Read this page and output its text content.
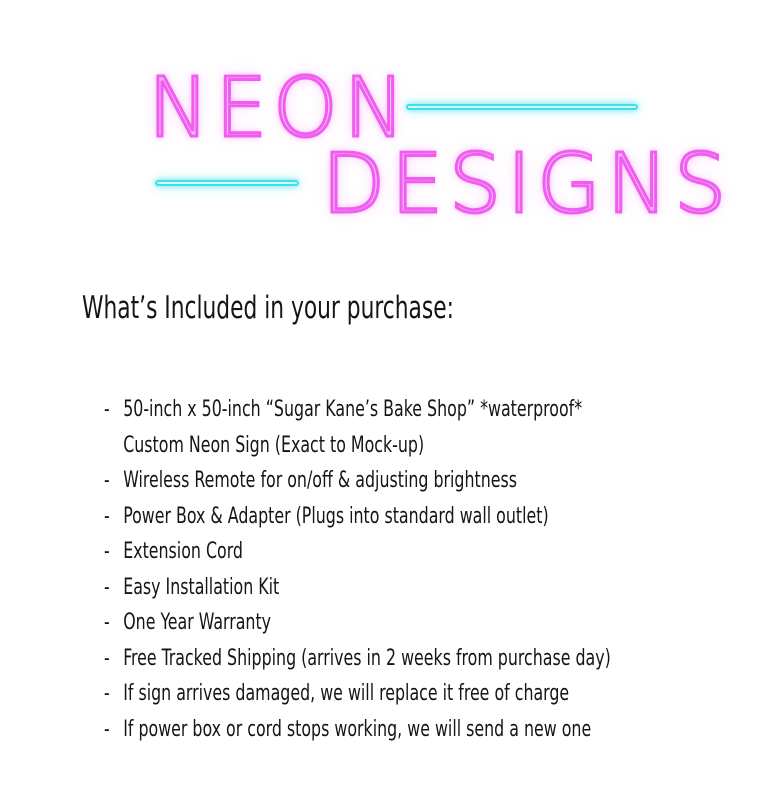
NEON
DESIGNS
What’s Included in your purchase:
- 50-inch x 50-inch “Sugar Kane’s Bake Shop” *waterproof*
Custom Neon Sign (Exact to Mock-up)
- Wireless Remote for on/off & adjusting brightness
- Power Box & Adapter (Plugs into standard wall outlet)
- Extension Cord
- Easy Installation Kit
- One Year Warranty
- Free Tracked Shipping (arrives in 2 weeks from purchase day)
- If sign arrives damaged, we will replace it free of charge
- If power box or cord stops working, we will send a new one
